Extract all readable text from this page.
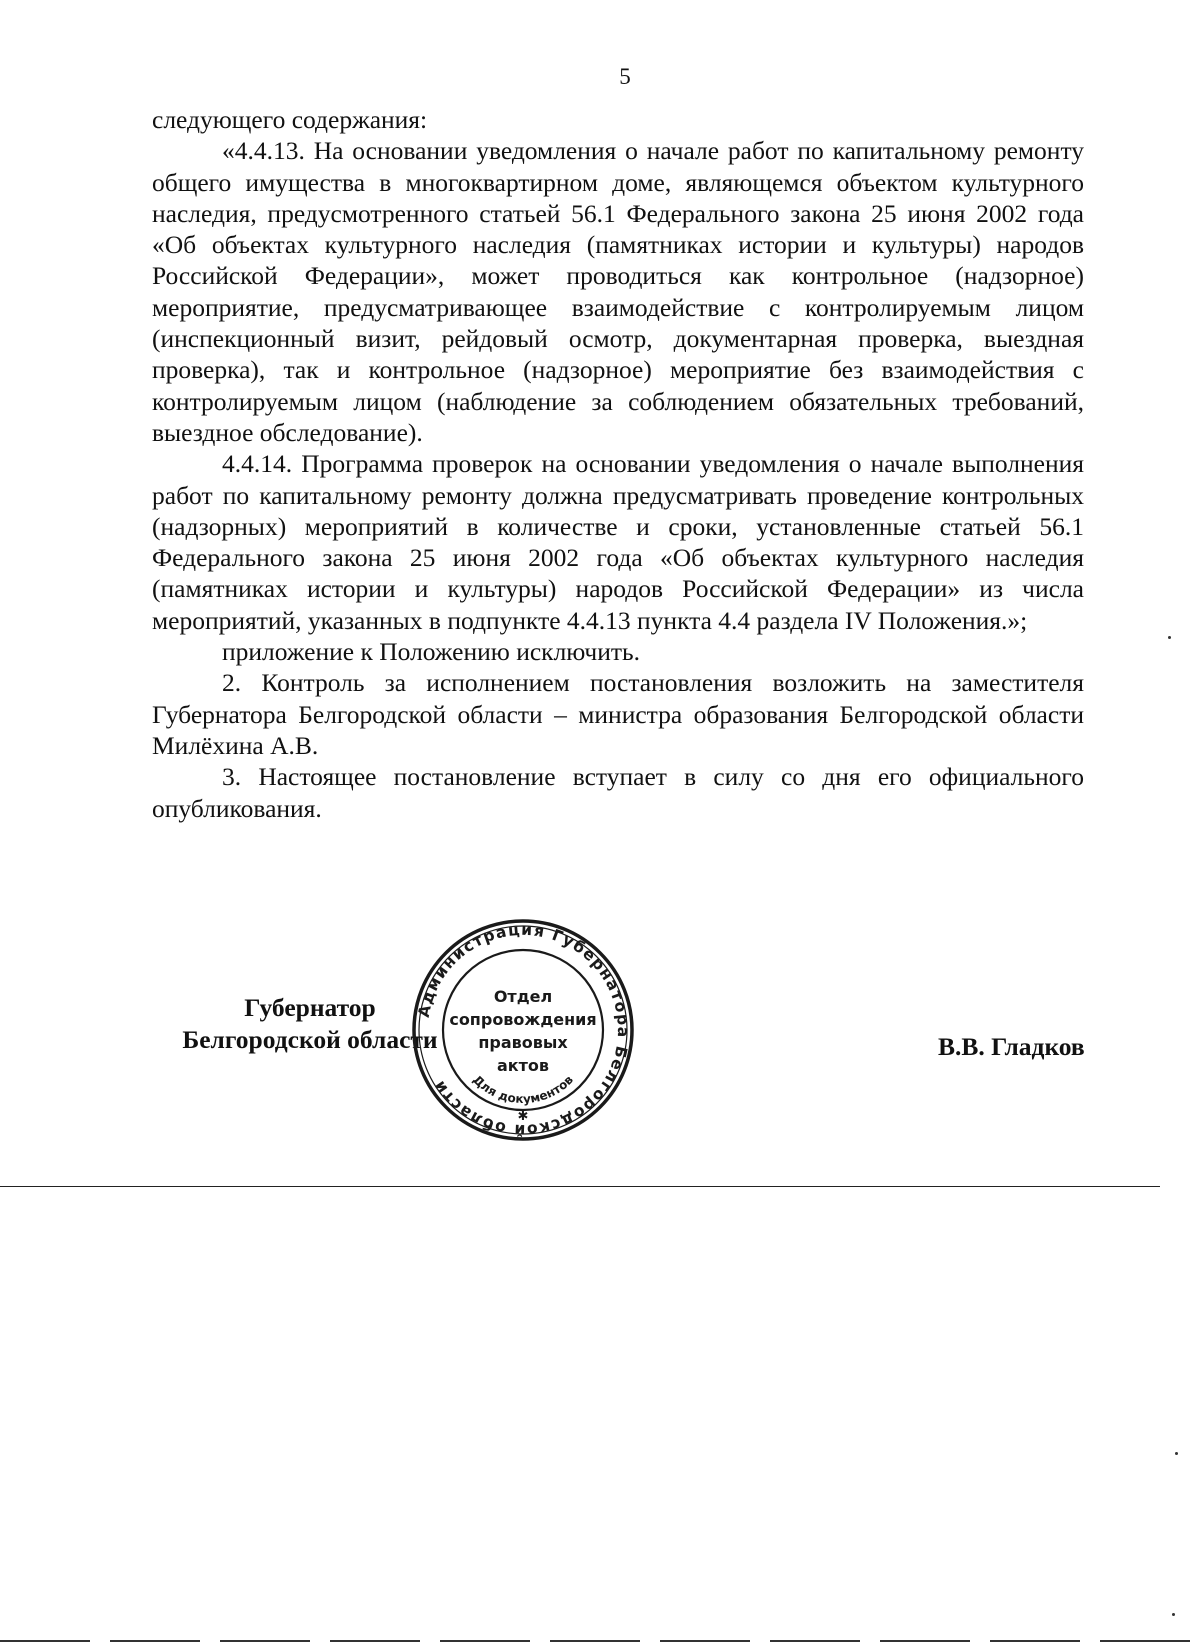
5

следующего содержания:

«4.4.13. На основании уведомления о начале работ по капитальному ремонту общего имущества в многоквартирном доме, являющемся объектом культурного наследия, предусмотренного статьей 56.1 Федерального закона 25 июня 2002 года «Об объектах культурного наследия (памятниках истории и культуры) народов Российской Федерации», может проводиться как контрольное (надзорное) мероприятие, предусматривающее взаимодействие с контролируемым лицом (инспекционный визит, рейдовый осмотр, документарная проверка, выездная проверка), так и контрольное (надзорное) мероприятие без взаимодействия с контролируемым лицом (наблюдение за соблюдением обязательных требований, выездное обследование).

4.4.14. Программа проверок на основании уведомления о начале выполнения работ по капитальному ремонту должна предусматривать проведение контрольных (надзорных) мероприятий в количестве и сроки, установленные статьей 56.1 Федерального закона 25 июня 2002 года «Об объектах культурного наследия (памятниках истории и культуры) народов Российской Федерации» из числа мероприятий, указанных в подпункте 4.4.13 пункта 4.4 раздела IV Положения.»;

приложение к Положению исключить.

2. Контроль за исполнением постановления возложить на заместителя Губернатора Белгородской области – министра образования Белгородской области Милёхина А.В.

3. Настоящее постановление вступает в силу со дня его официального опубликования.

Губернатор
Белгородской области
Администрация Губернатора Белгородской области
Отдел
сопровождения
правовых
актов
Для документов
✱
В.В. Гладков
